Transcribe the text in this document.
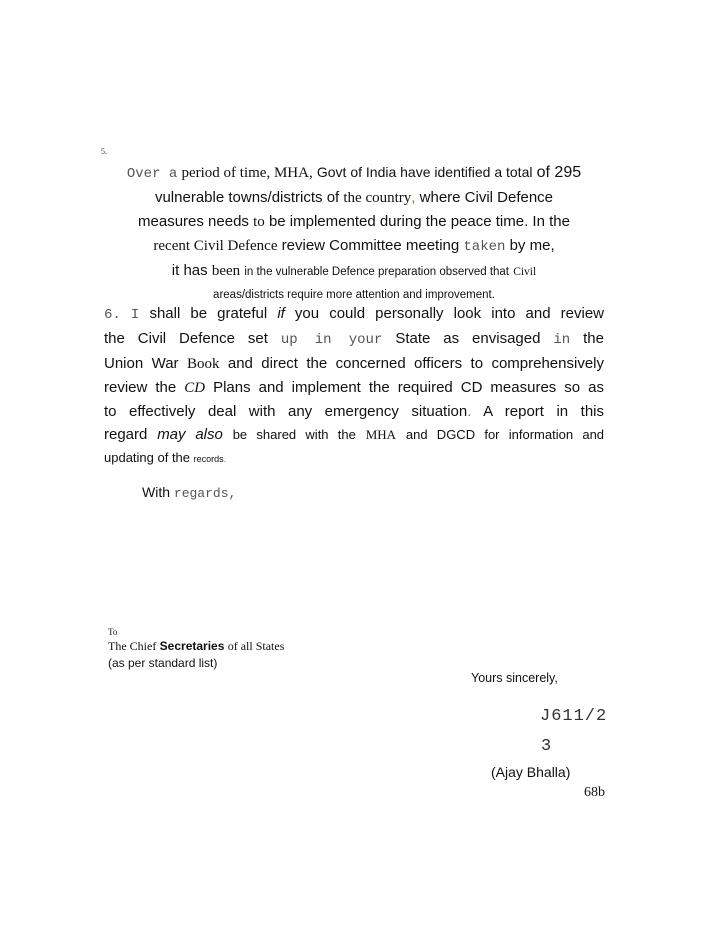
5.
Over a period of time, MHA, Govt of India have identified a total of 295
vulnerable towns/districts of the country, where Civil Defence
measures needs to be implemented during the peace time. In the
recent Civil Defence review Committee meeting taken by me,
it has been in the vulnerable Defence preparation observed that Civil
areas/districts require more attention and improvement.
6. I shall be grateful if you could personally look into and review
the Civil Defence set up in your State as envisaged in the
Union War Book and direct the concerned officers to comprehensively
review the CD Plans and implement the required CD measures so as
to effectively deal with any emergency situation. A report in this
regard may also be shared with the MHA and DGCD for information and
updating of the records.
With regards,
To
The Chief Secretaries of all States
(as per standard list)
Yours sincerely,
J611/2
3
(Ajay Bhalla)
68b
